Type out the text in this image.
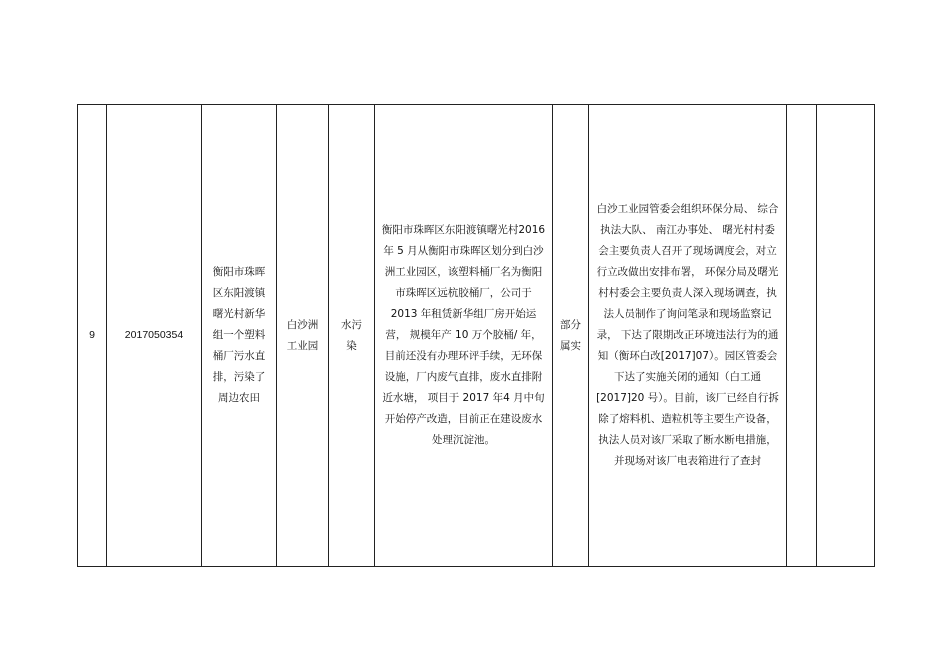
9	2017050354	衡阳市珠晖区东阳渡镇曙光村新华组一个塑料桶厂污水直排，污染了周边农田	白沙洲工业园	水污染	衡阳市珠晖区东阳渡镇曙光村2016 年 5 月从衡阳市珠晖区划分到白沙洲工业园区，该塑料桶厂名为衡阳市珠晖区远杭胶桶厂，公司于 2013 年租赁新华组厂房开始运营， 规模年产 10 万个胶桶/ 年，目前还没有办理环评手续，无环保设施，厂内废气直排，废水直排附近水塘， 项目于 2017 年4 月中旬开始停产改造，目前正在建设废水处理沉淀池。	部分属实	白沙工业园管委会组织环保分局、 综合执法大队、 南江办事处、 曙光村村委会主要负责人召开了现场调度会，对立行立改做出安排布署， 环保分局及曙光村村委会主要负责人深入现场调查，执法人员制作了询问笔录和现场监察记录， 下达了限期改正环境违法行为的通知（衡环白改[2017]07）。园区管委会下达了实施关闭的通知（白工通 [2017]20 号）。目前，该厂已经自行拆除了熔料机、造粒机等主要生产设备， 执法人员对该厂采取了断水断电措施， 并现场对该厂电表箱进行了查封		
